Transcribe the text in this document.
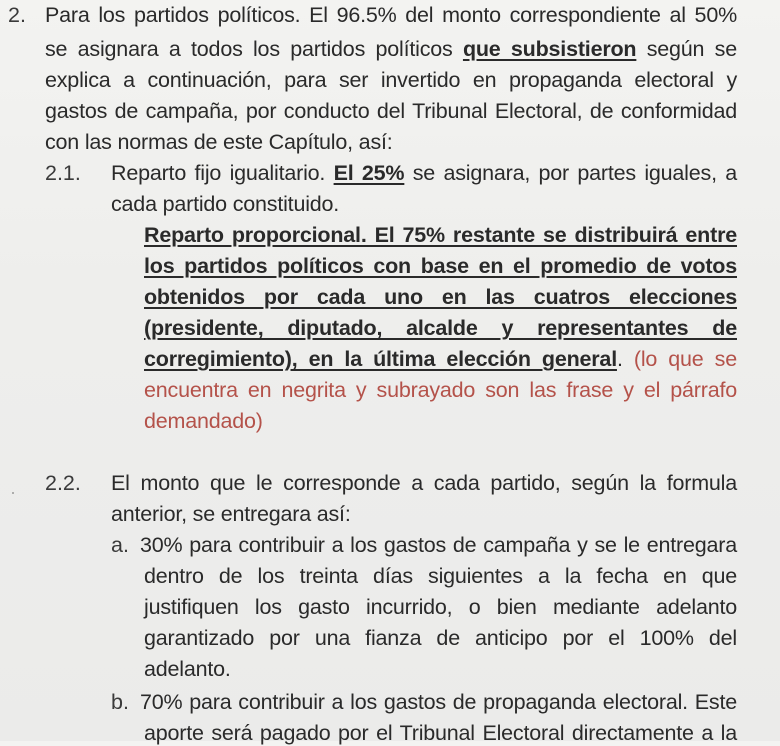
2. Para los partidos políticos. El 96.5% del monto correspondiente al 50%
se asignara a todos los partidos políticos que subsistieron según se
explica a continuación, para ser invertido en propaganda electoral y
gastos de campaña, por conducto del Tribunal Electoral, de conformidad
con las normas de este Capítulo, así:
2.1. Reparto fijo igualitario. El 25% se asignara, por partes iguales, a
cada partido constituido.
Reparto proporcional. El 75% restante se distribuirá entre
los partidos políticos con base en el promedio de votos
obtenidos por cada uno en las cuatros elecciones
(presidente, diputado, alcalde y representantes de
corregimiento), en la última elección general. (lo que se
encuentra en negrita y subrayado son las frase y el párrafo
demandado)
2.2. El monto que le corresponde a cada partido, según la formula
anterior, se entregara así:
a. 30% para contribuir a los gastos de campaña y se le entregara
dentro de los treinta días siguientes a la fecha en que
justifiquen los gasto incurrido, o bien mediante adelanto
garantizado por una fianza de anticipo por el 100% del
adelanto.
b. 70% para contribuir a los gastos de propaganda electoral. Este
aporte será pagado por el Tribunal Electoral directamente a la
